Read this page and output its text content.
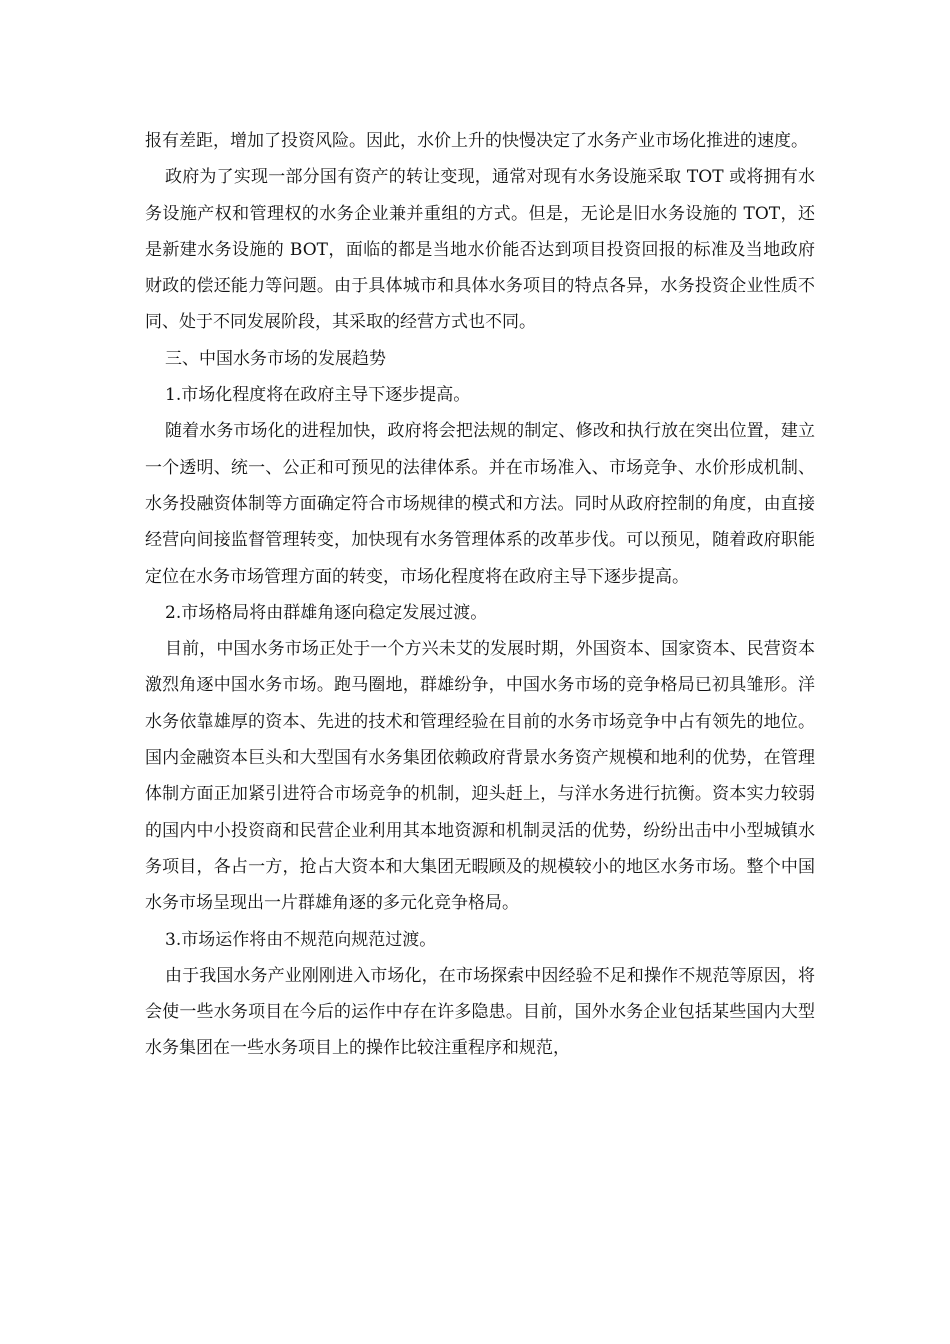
报有差距，增加了投资风险。因此，水价上升的快慢决定了水务产业市场化推进的速度。

政府为了实现一部分国有资产的转让变现，通常对现有水务设施采取 TOT 或将拥有水务设施产权和管理权的水务企业兼并重组的方式。但是，无论是旧水务设施的 TOT，还是新建水务设施的 BOT，面临的都是当地水价能否达到项目投资回报的标准及当地政府财政的偿还能力等问题。由于具体城市和具体水务项目的特点各异，水务投资企业性质不同、处于不同发展阶段，其采取的经营方式也不同。

三、中国水务市场的发展趋势

1.市场化程度将在政府主导下逐步提高。

随着水务市场化的进程加快，政府将会把法规的制定、修改和执行放在突出位置，建立一个透明、统一、公正和可预见的法律体系。并在市场准入、市场竞争、水价形成机制、水务投融资体制等方面确定符合市场规律的模式和方法。同时从政府控制的角度，由直接经营向间接监督管理转变，加快现有水务管理体系的改革步伐。可以预见，随着政府职能定位在水务市场管理方面的转变，市场化程度将在政府主导下逐步提高。

2.市场格局将由群雄角逐向稳定发展过渡。

目前，中国水务市场正处于一个方兴未艾的发展时期，外国资本、国家资本、民营资本激烈角逐中国水务市场。跑马圈地，群雄纷争，中国水务市场的竞争格局已初具雏形。洋水务依靠雄厚的资本、先进的技术和管理经验在目前的水务市场竞争中占有领先的地位。国内金融资本巨头和大型国有水务集团依赖政府背景水务资产规模和地利的优势，在管理体制方面正加紧引进符合市场竞争的机制，迎头赶上，与洋水务进行抗衡。资本实力较弱的国内中小投资商和民营企业利用其本地资源和机制灵活的优势，纷纷出击中小型城镇水务项目，各占一方，抢占大资本和大集团无暇顾及的规模较小的地区水务市场。整个中国水务市场呈现出一片群雄角逐的多元化竞争格局。

3.市场运作将由不规范向规范过渡。

由于我国水务产业刚刚进入市场化，在市场探索中因经验不足和操作不规范等原因，将会使一些水务项目在今后的运作中存在许多隐患。目前，国外水务企业包括某些国内大型水务集团在一些水务项目上的操作比较注重程序和规范，
